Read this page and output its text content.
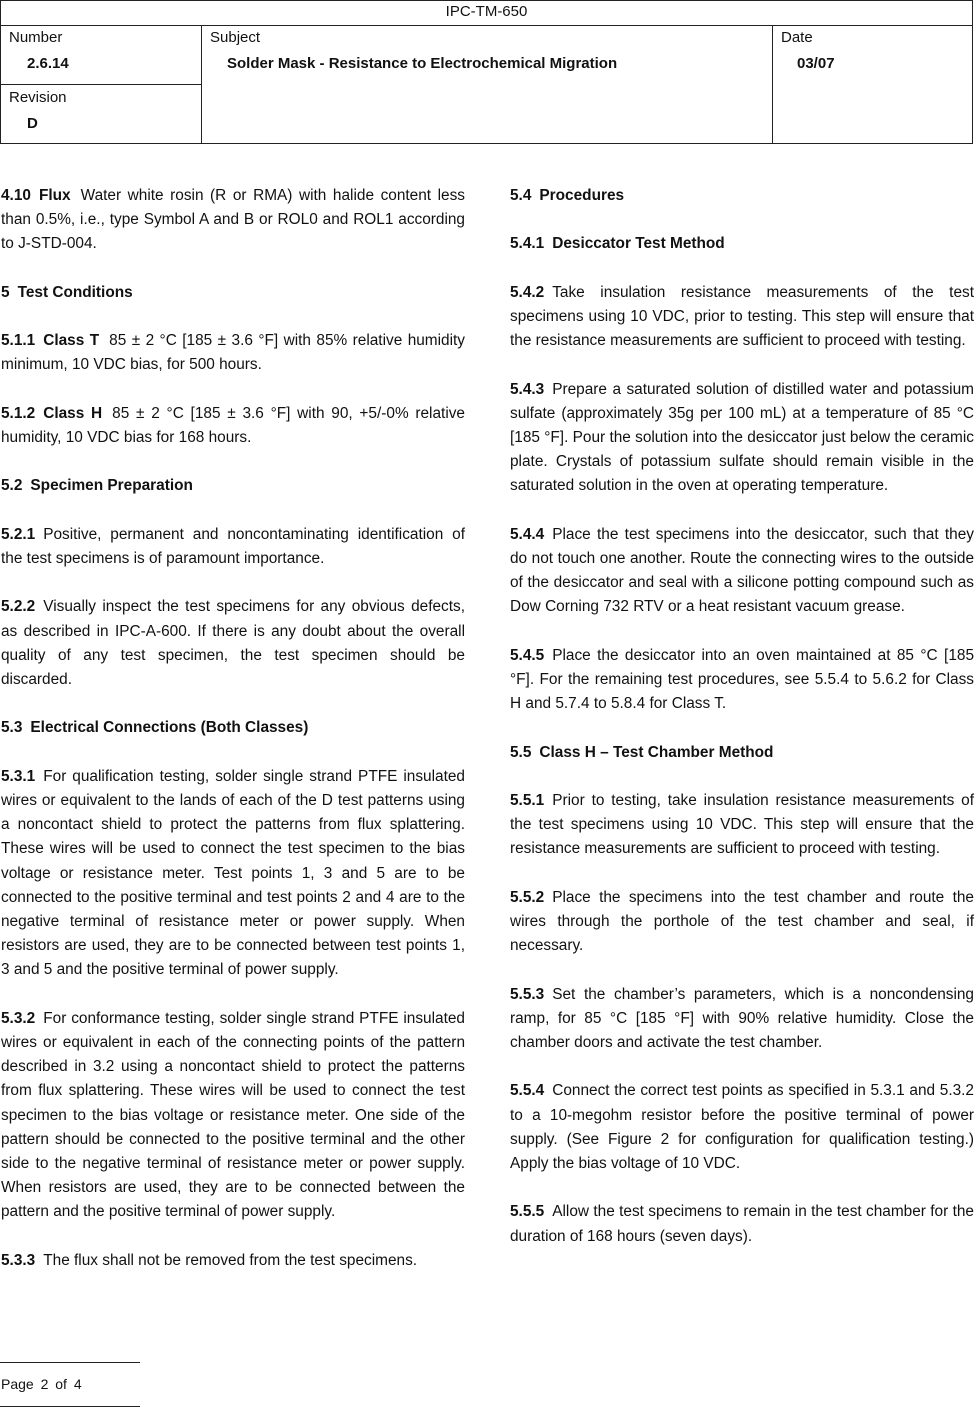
IPC-TM-650
Number
2.6.14
Revision
D
Subject
Solder Mask - Resistance to Electrochemical Migration
Date
03/07

4.10 Flux Water white rosin (R or RMA) with halide content less than 0.5%, i.e., type Symbol A and B or ROL0 and ROL1 according to J-STD-004.

5 Test Conditions

5.1.1 Class T 85 ± 2 °C [185 ± 3.6 °F] with 85% relative humidity minimum, 10 VDC bias, for 500 hours.

5.1.2 Class H 85 ± 2 °C [185 ± 3.6 °F] with 90, +5/-0% relative humidity, 10 VDC bias for 168 hours.

5.2 Specimen Preparation

5.2.1 Positive, permanent and noncontaminating identification of the test specimens is of paramount importance.

5.2.2 Visually inspect the test specimens for any obvious defects, as described in IPC-A-600. If there is any doubt about the overall quality of any test specimen, the test specimen should be discarded.

5.3 Electrical Connections (Both Classes)

5.3.1 For qualification testing, solder single strand PTFE insulated wires or equivalent to the lands of each of the D test patterns using a noncontact shield to protect the patterns from flux splattering. These wires will be used to connect the test specimen to the bias voltage or resistance meter. Test points 1, 3 and 5 are to be connected to the positive terminal and test points 2 and 4 are to the negative terminal of resistance meter or power supply. When resistors are used, they are to be connected between test points 1, 3 and 5 and the positive terminal of power supply.

5.3.2 For conformance testing, solder single strand PTFE insulated wires or equivalent in each of the connecting points of the pattern described in 3.2 using a noncontact shield to protect the patterns from flux splattering. These wires will be used to connect the test specimen to the bias voltage or resistance meter. One side of the pattern should be connected to the positive terminal and the other side to the negative terminal of resistance meter or power supply. When resistors are used, they are to be connected between the pattern and the positive terminal of power supply.

5.3.3 The flux shall not be removed from the test specimens.

5.4 Procedures

5.4.1 Desiccator Test Method

5.4.2 Take insulation resistance measurements of the test specimens using 10 VDC, prior to testing. This step will ensure that the resistance measurements are sufficient to proceed with testing.

5.4.3 Prepare a saturated solution of distilled water and potassium sulfate (approximately 35g per 100 mL) at a temperature of 85 °C [185 °F]. Pour the solution into the desiccator just below the ceramic plate. Crystals of potassium sulfate should remain visible in the saturated solution in the oven at operating temperature.

5.4.4 Place the test specimens into the desiccator, such that they do not touch one another. Route the connecting wires to the outside of the desiccator and seal with a silicone potting compound such as Dow Corning 732 RTV or a heat resistant vacuum grease.

5.4.5 Place the desiccator into an oven maintained at 85 °C [185 °F]. For the remaining test procedures, see 5.5.4 to 5.6.2 for Class H and 5.7.4 to 5.8.4 for Class T.

5.5 Class H – Test Chamber Method

5.5.1 Prior to testing, take insulation resistance measurements of the test specimens using 10 VDC. This step will ensure that the resistance measurements are sufficient to proceed with testing.

5.5.2 Place the specimens into the test chamber and route the wires through the porthole of the test chamber and seal, if necessary.

5.5.3 Set the chamber’s parameters, which is a noncondensing ramp, for 85 °C [185 °F] with 90% relative humidity. Close the chamber doors and activate the test chamber.

5.5.4 Connect the correct test points as specified in 5.3.1 and 5.3.2 to a 10-megohm resistor before the positive terminal of power supply. (See Figure 2 for configuration for qualification testing.) Apply the bias voltage of 10 VDC.

5.5.5 Allow the test specimens to remain in the test chamber for the duration of 168 hours (seven days).

Page 2 of 4
